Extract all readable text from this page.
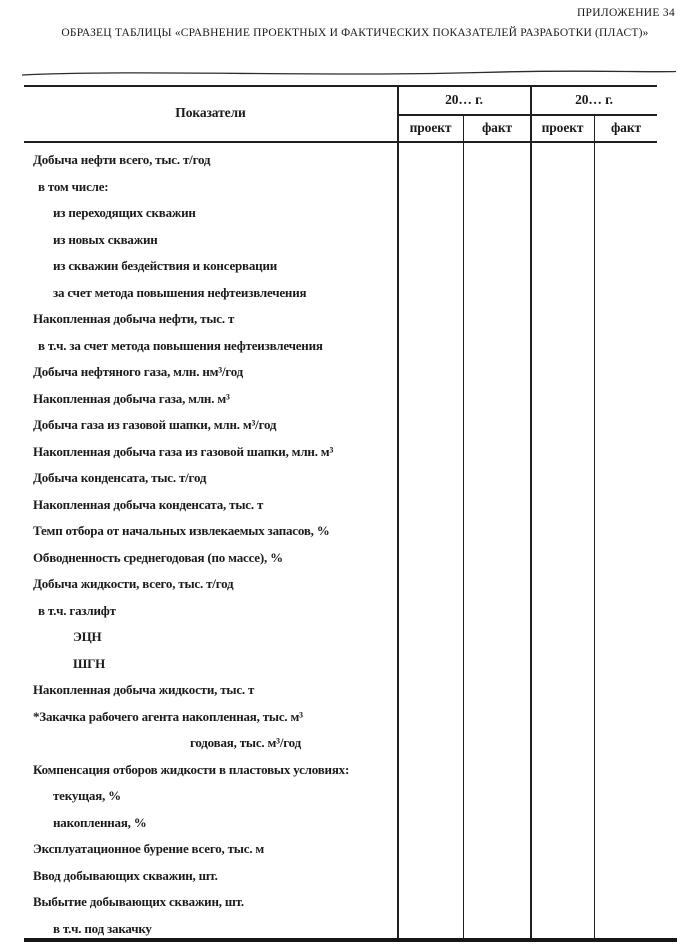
ПРИЛОЖЕНИЕ 34
ОБРАЗЕЦ ТАБЛИЦЫ «СРАВНЕНИЕ ПРОЕКТНЫХ И ФАКТИЧЕСКИХ ПОКАЗАТЕЛЕЙ РАЗРАБОТКИ (ПЛАСТ)»
Показатели
20… г.	20… г.
проект	факт	проект	факт
Добыча нефти всего, тыс. т/год
в том числе:
из переходящих скважин
из новых скважин
из скважин бездействия и консервации
за счет метода повышения нефтеизвлечения
Накопленная добыча нефти, тыс. т
в т.ч. за счет метода повышения нефтеизвлечения
Добыча нефтяного газа, млн. нм³/год
Накопленная добыча газа, млн. м³
Добыча газа из газовой шапки, млн. м³/год
Накопленная добыча газа из газовой шапки, млн. м³
Добыча конденсата, тыс. т/год
Накопленная добыча конденсата, тыс. т
Темп отбора от начальных извлекаемых запасов, %
Обводненность среднегодовая (по массе), %
Добыча жидкости, всего, тыс. т/год
в т.ч. газлифт
ЭЦН
ШГН
Накопленная добыча жидкости, тыс. т
*Закачка рабочего агента накопленная, тыс. м³
годовая, тыс. м³/год
Компенсация отборов жидкости в пластовых условиях:
текущая, %
накопленная, %
Эксплуатационное бурение всего, тыс. м
Ввод добывающих скважин, шт.
Выбытие добывающих скважин, шт.
в т.ч. под закачку
